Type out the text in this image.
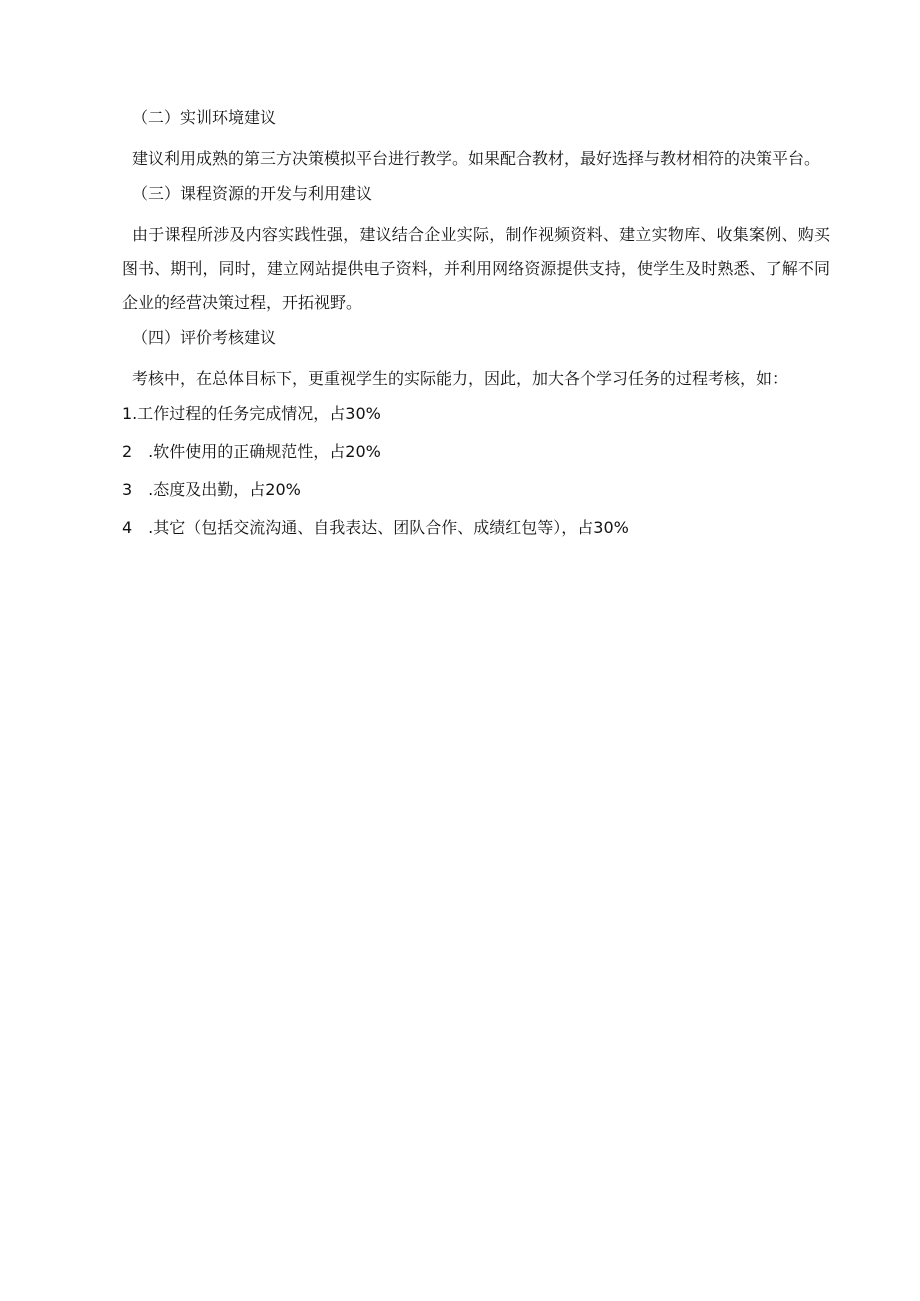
（二）实训环境建议
建议利用成熟的第三方决策模拟平台进行教学。如果配合教材，最好选择与教材相符的决策平台。
（三）课程资源的开发与利用建议
由于课程所涉及内容实践性强，建议结合企业实际，制作视频资料、建立实物库、收集案例、购买图书、期刊，同时，建立网站提供电子资料，并利用网络资源提供支持，使学生及时熟悉、了解不同企业的经营决策过程，开拓视野。
（四）评价考核建议
考核中，在总体目标下，更重视学生的实际能力，因此，加大各个学习任务的过程考核，如：
1.工作过程的任务完成情况，占30%
2　.软件使用的正确规范性，占20%
3　.态度及出勤，占20%
4　.其它（包括交流沟通、自我表达、团队合作、成绩红包等），占30%
